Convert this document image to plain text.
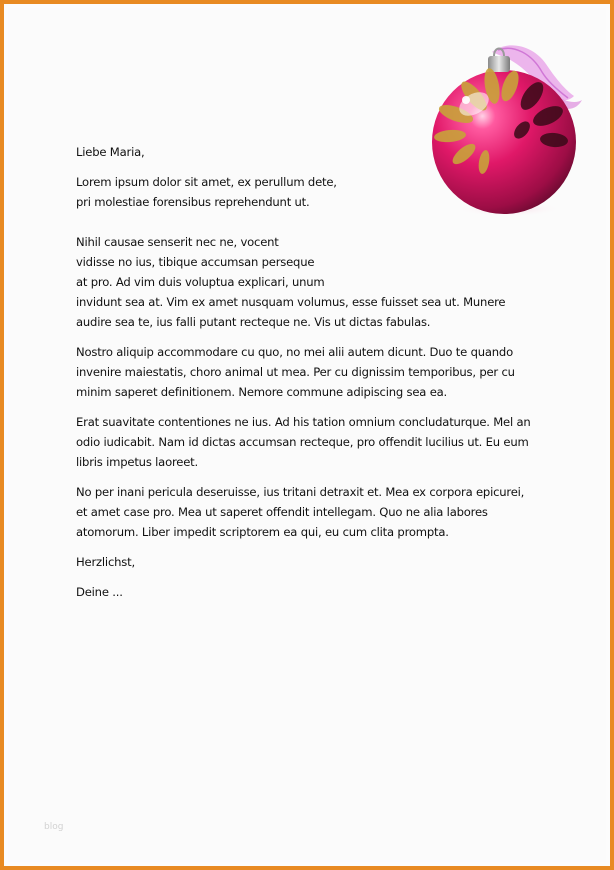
Liebe Maria,

Lorem ipsum dolor sit amet, ex perullum dete,
pri molestiae forensibus reprehendunt ut.

Nihil causae senserit nec ne, vocent
vidisse no ius, tibique accumsan perseque
at pro. Ad vim duis voluptua explicari, unum
invidunt sea at. Vim ex amet nusquam volumus, esse fuisset sea ut. Munere
audire sea te, ius falli putant recteque ne. Vis ut dictas fabulas.

Nostro aliquip accommodare cu quo, no mei alii autem dicunt. Duo te quando
invenire maiestatis, choro animal ut mea. Per cu dignissim temporibus, per cu
minim saperet definitionem. Nemore commune adipiscing sea ea.

Erat suavitate contentiones ne ius. Ad his tation omnium concludaturque. Mel an
odio iudicabit. Nam id dictas accumsan recteque, pro offendit lucilius ut. Eu eum
libris impetus laoreet.

No per inani pericula deseruisse, ius tritani detraxit et. Mea ex corpora epicurei,
et amet case pro. Mea ut saperet offendit intellegam. Quo ne alia labores
atomorum. Liber impedit scriptorem ea qui, eu cum clita prompta.

Herzlichst,

Deine ...

blog
